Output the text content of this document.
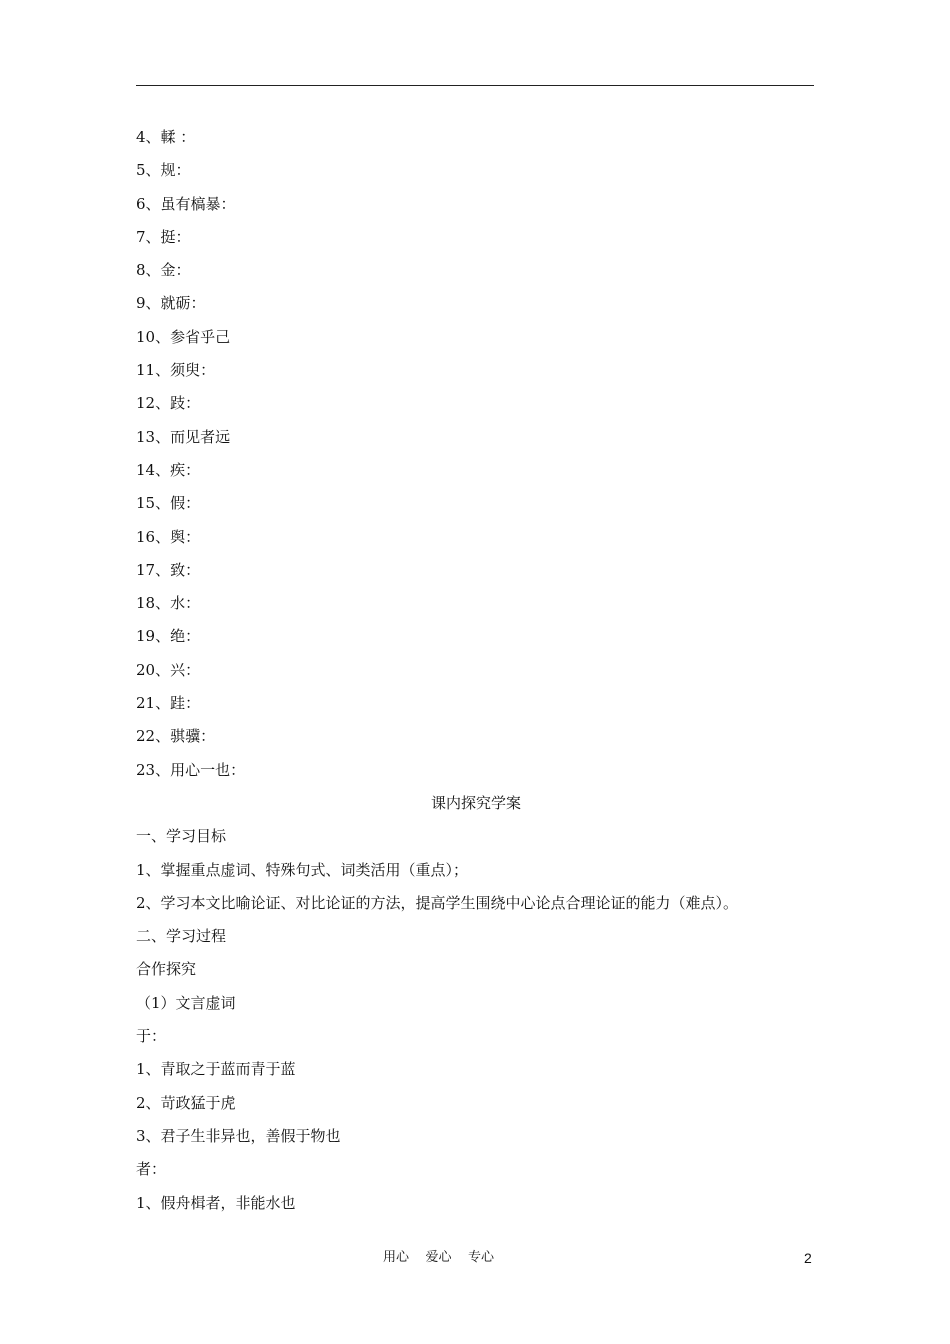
4、輮 ：
5、规：
6、虽有槁暴：
7、挺：
8、金：
9、就砺：
10、参省乎己
11、须臾：
12、跂：
13、而见者远
14、疾：
15、假：
16、舆：
17、致：
18、水：
19、绝：
20、兴：
21、跬：
22、骐骥：
23、用心一也：
课内探究学案
一、学习目标
1、掌握重点虚词、特殊句式、词类活用（重点）；
2、学习本文比喻论证、对比论证的方法，提高学生围绕中心论点合理论证的能力（难点）。
二、学习过程
合作探究
（1）文言虚词
于：
1、青取之于蓝而青于蓝
2、苛政猛于虎
3、君子生非异也，善假于物也
者：
1、假舟楫者，非能水也
用心    爱心    专心	2
